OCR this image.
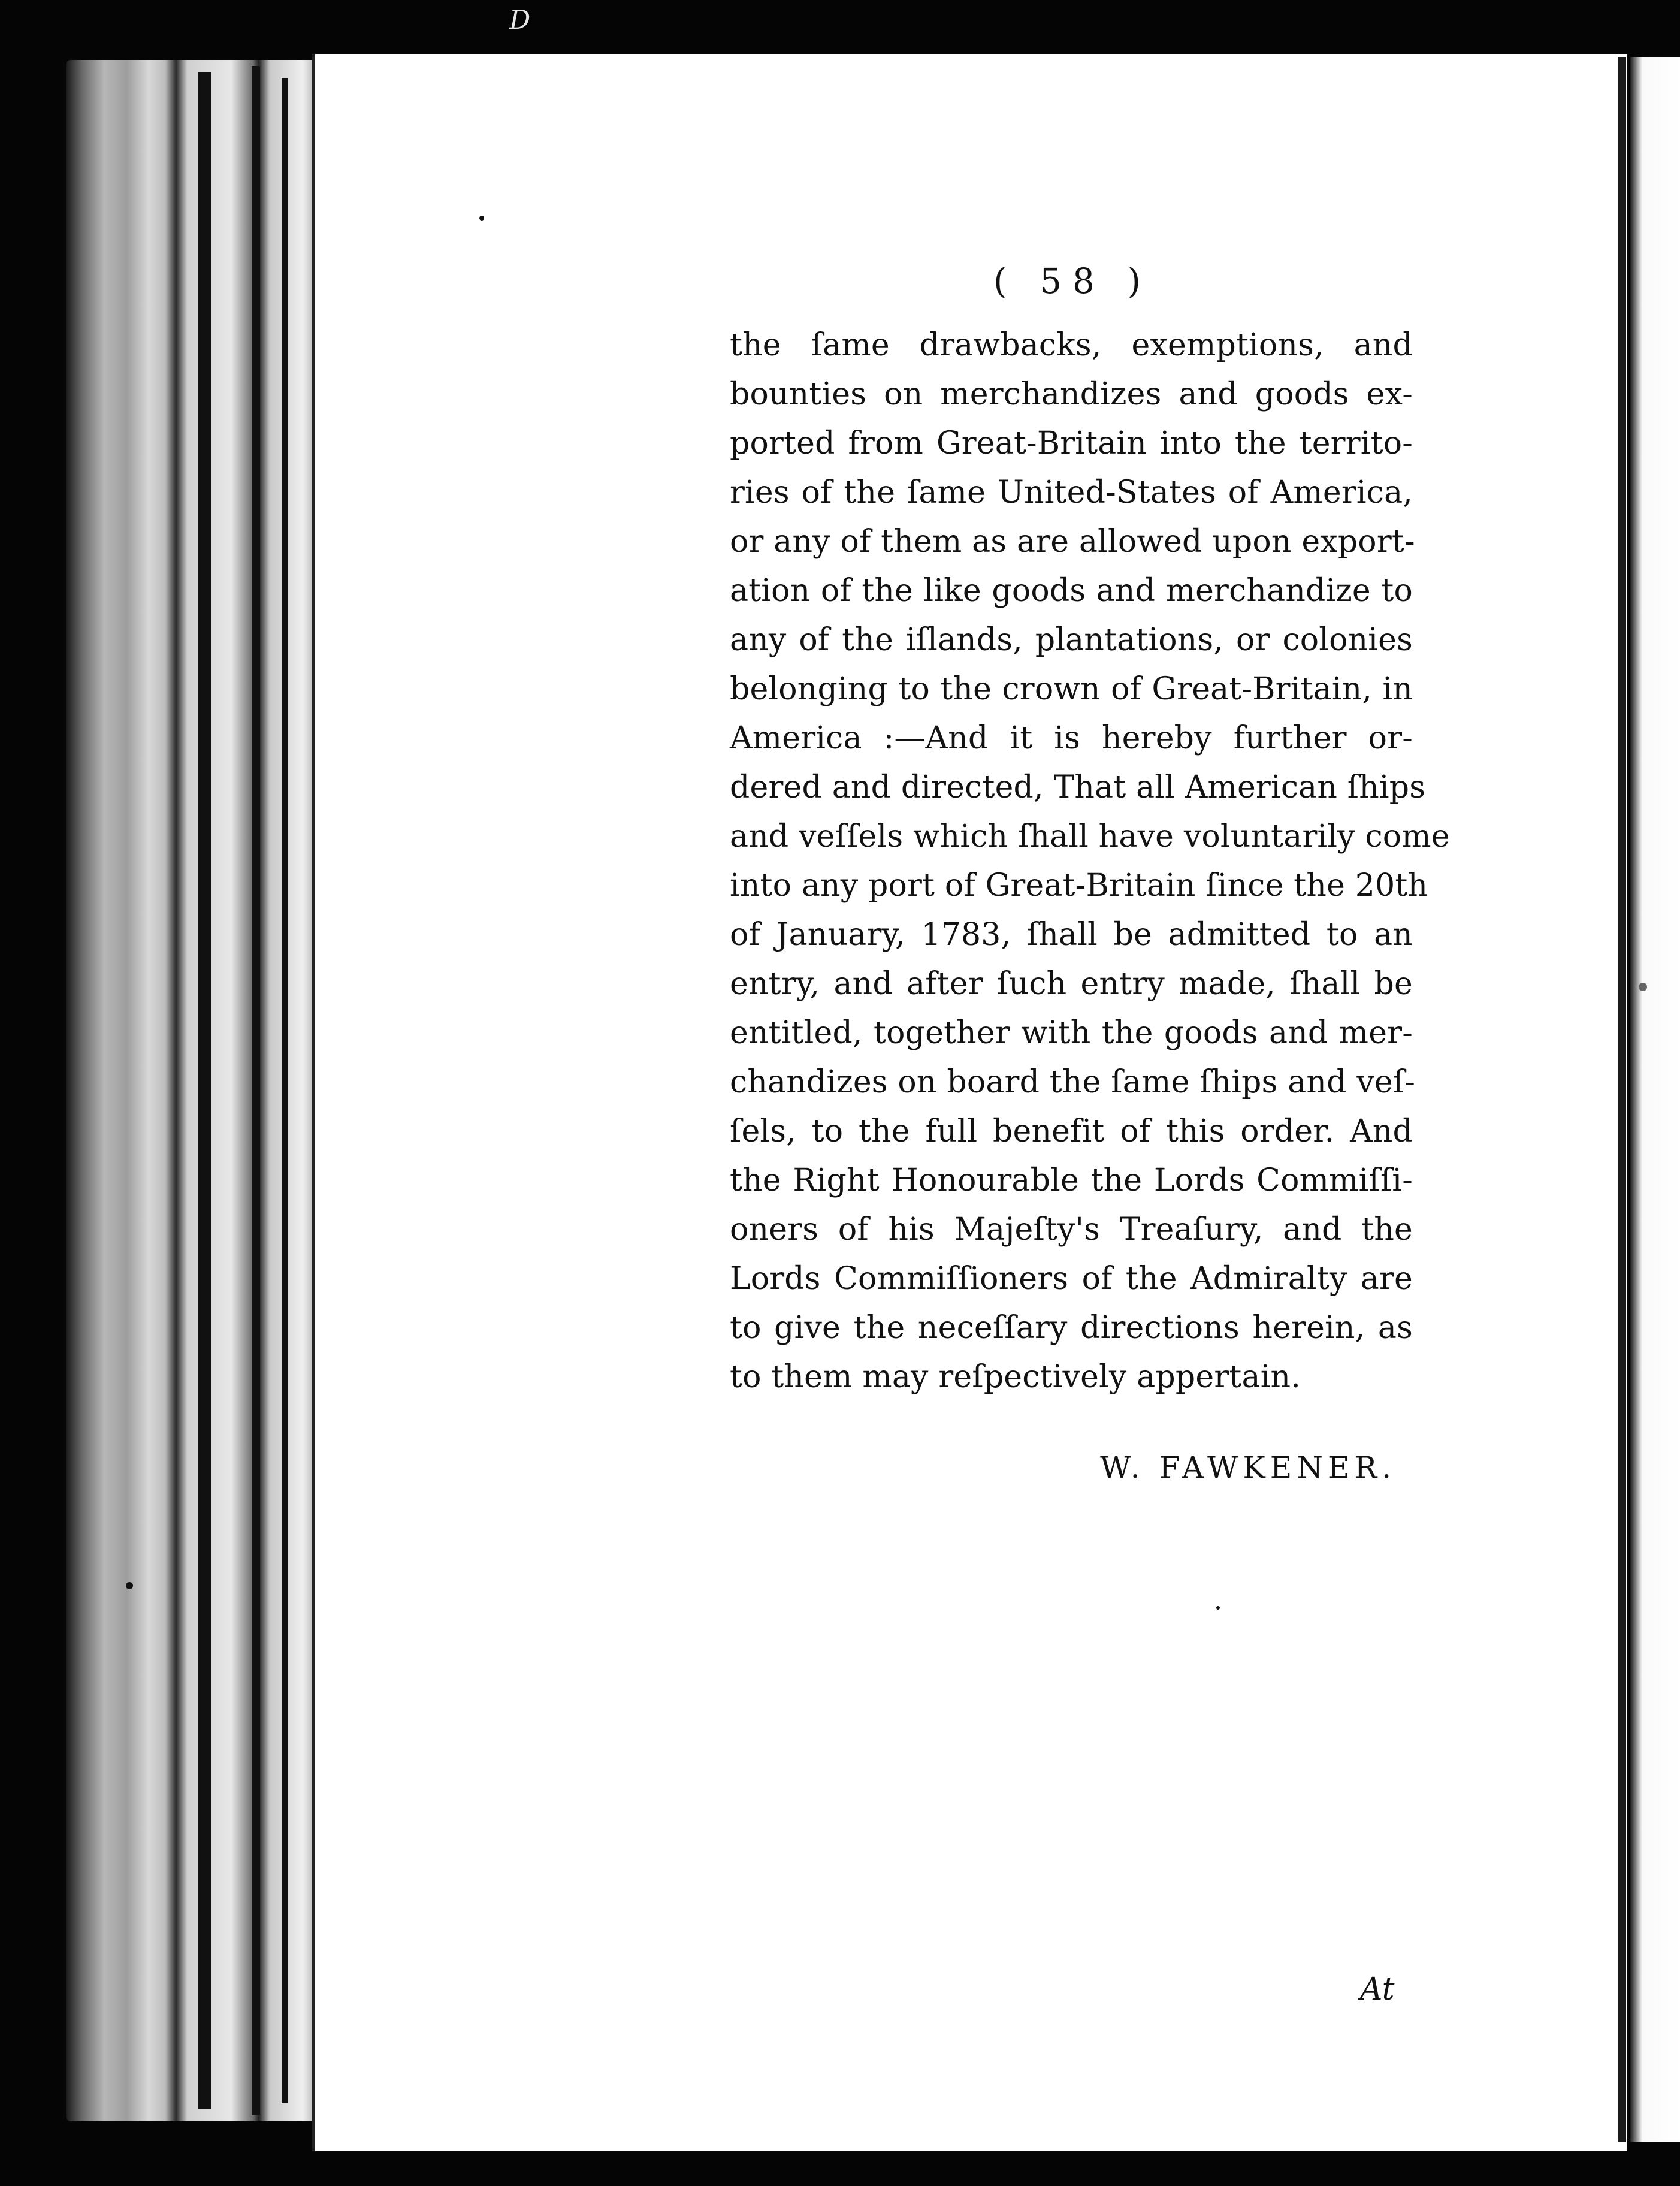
D
( 58 )
the ſame drawbacks, exemptions, and
bounties on merchandizes and goods ex-
ported from Great-Britain into the territo-
ries of the ſame United-States of America,
or any of them as are allowed upon export-
ation of the like goods and merchandize to
any of the iſlands, plantations, or colonies
belonging to the crown of Great-Britain, in
America :—And it is hereby further or-
dered and directed, That all American ſhips
and veſſels which ſhall have voluntarily come
into any port of Great-Britain ſince the 20th
of January, 1783, ſhall be admitted to an
entry, and after ſuch entry made, ſhall be
entitled, together with the goods and mer-
chandizes on board the ſame ſhips and veſ-
ſels, to the full benefit of this order. And
the Right Honourable the Lords Commiſſi-
oners of his Majeſty's Treaſury, and the
Lords Commiſſioners of the Admiralty are
to give the neceſſary directions herein, as
to them may reſpectively appertain.
W. FAWKENER.
At
